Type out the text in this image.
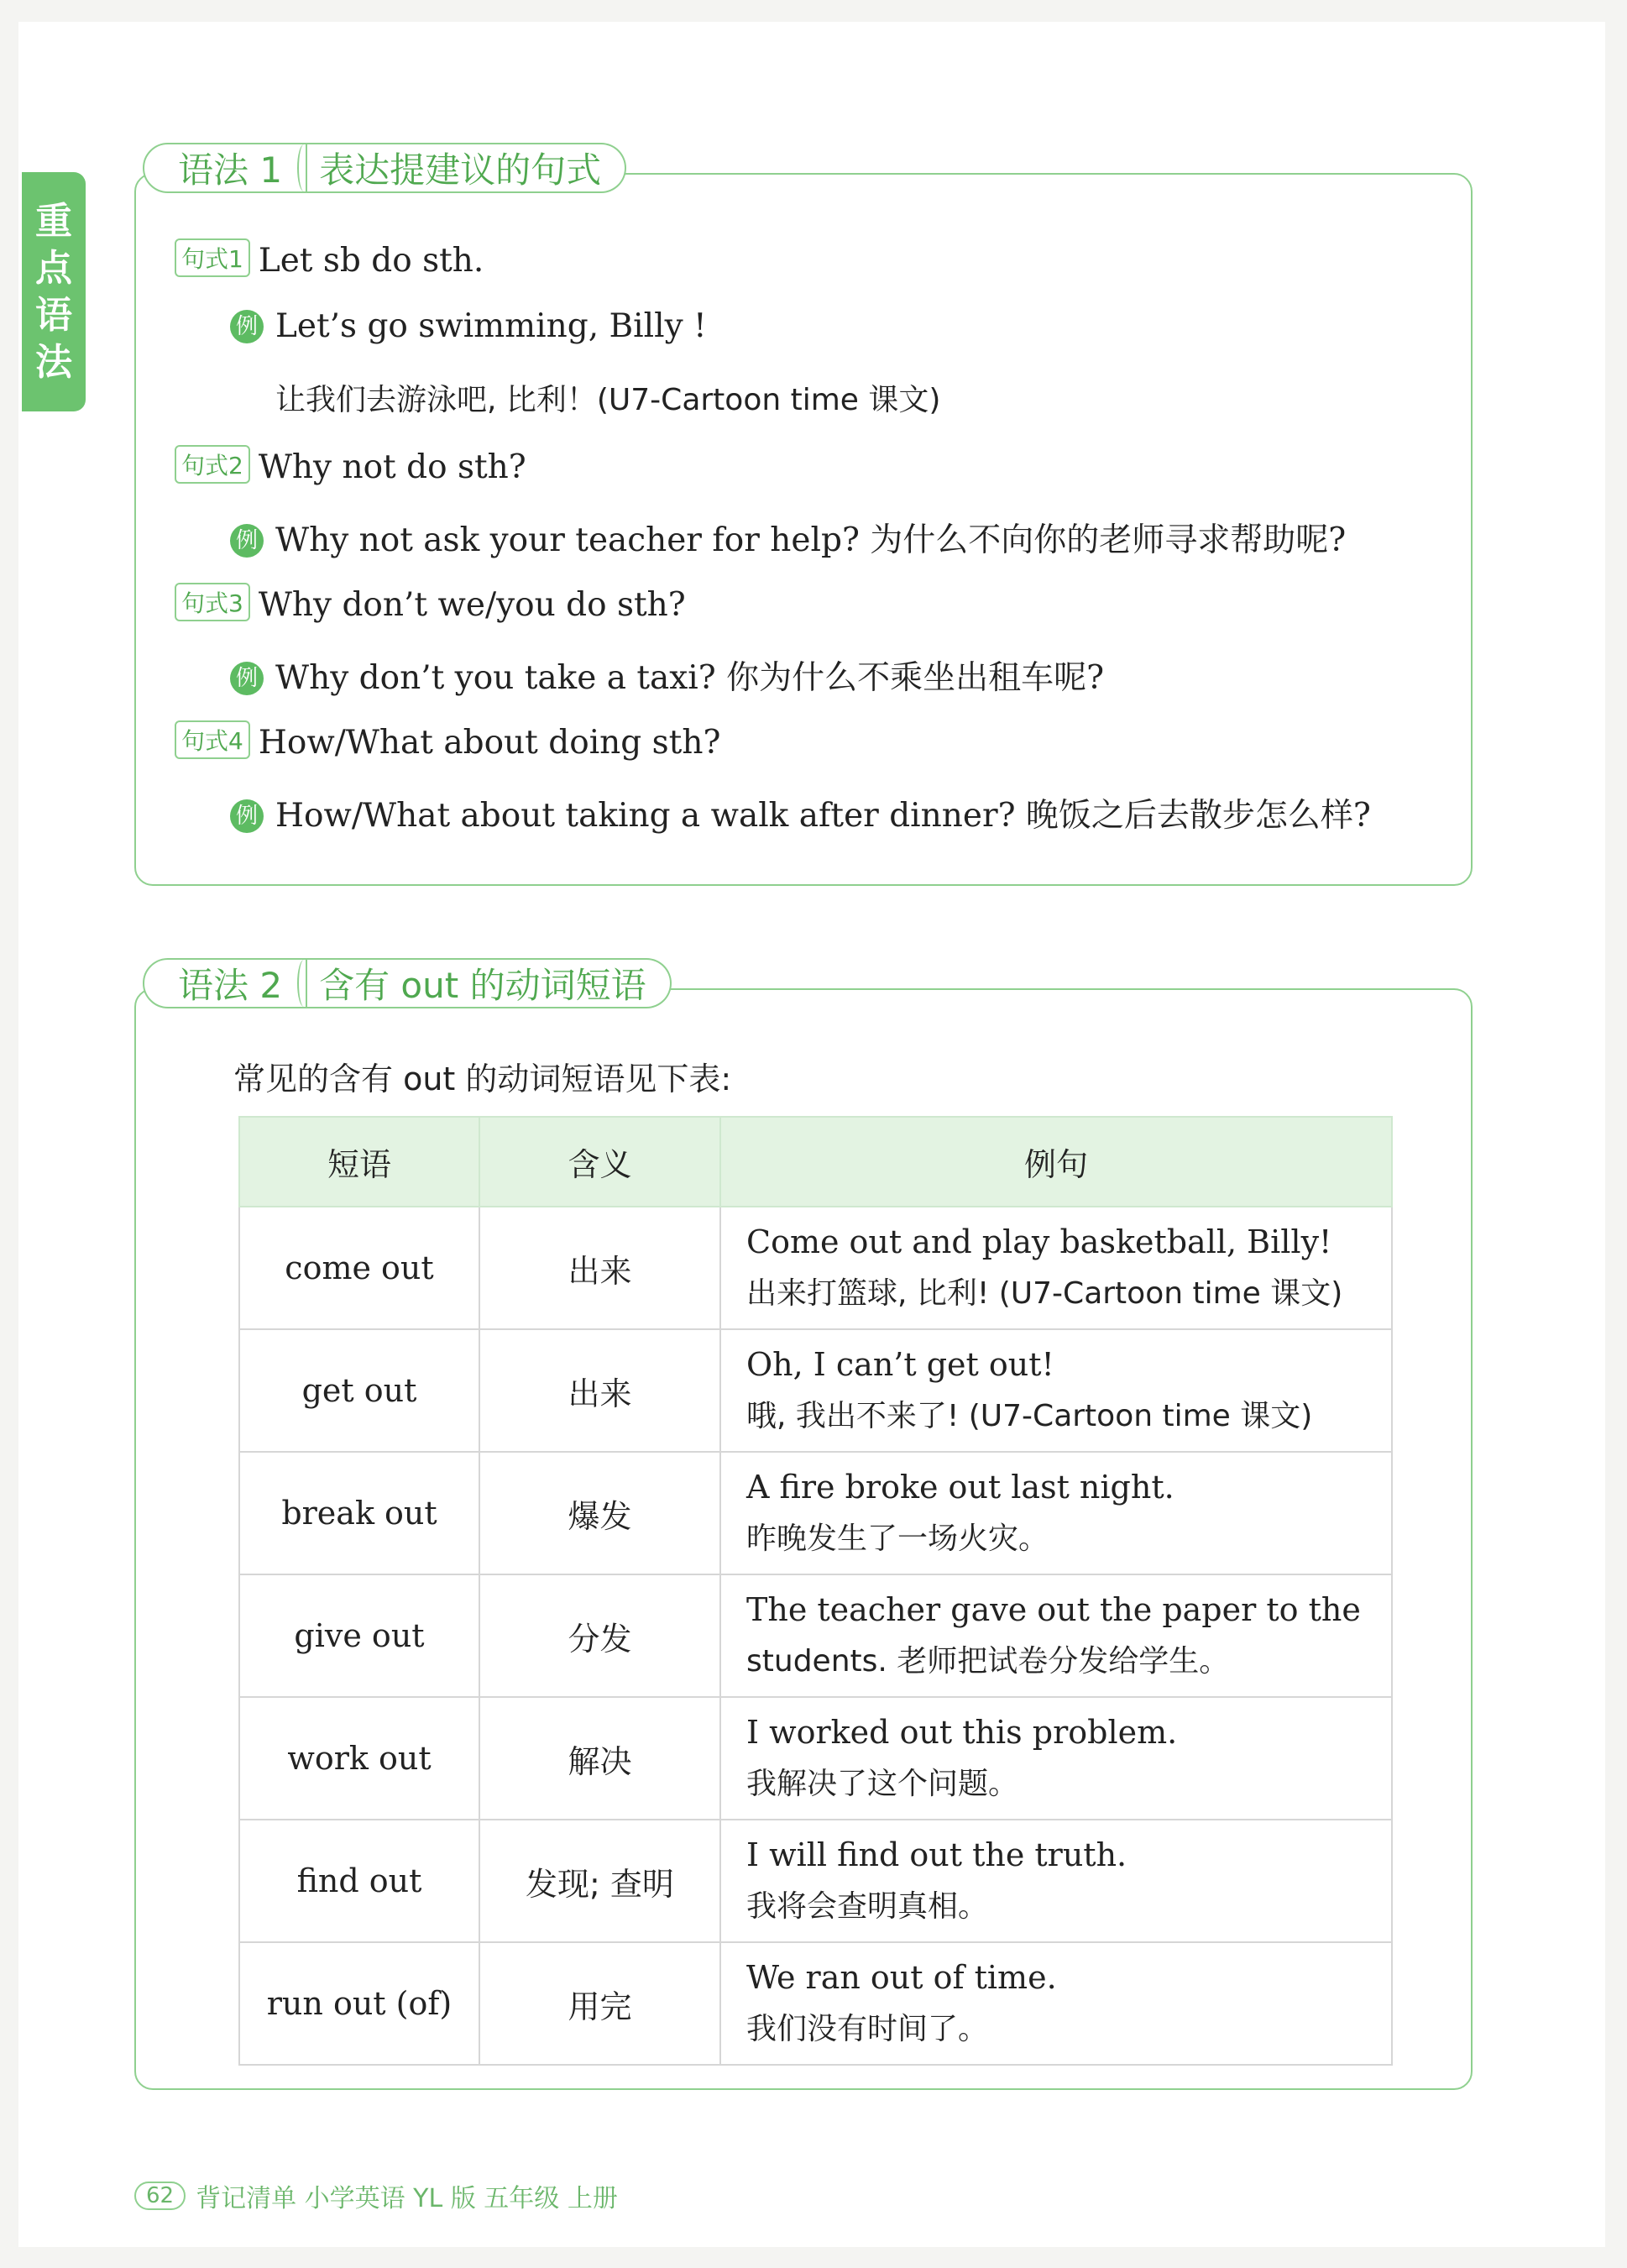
重点语法
语法 1	表达提建议的句式
句式1 Let sb do sth.
例 Let’s go swimming, Billy !
让我们去游泳吧, 比利！(U7-Cartoon time 课文)
句式2 Why not do sth?
例 Why not ask your teacher for help? 为什么不向你的老师寻求帮助呢?
句式3 Why don’t we/you do sth?
例 Why don’t you take a taxi? 你为什么不乘坐出租车呢?
句式4 How/What about doing sth?
例 How/What about taking a walk after dinner? 晚饭之后去散步怎么样?
语法 2	含有 out 的动词短语
常见的含有 out 的动词短语见下表:
短语	含义	例句
come out	出来	Come out and play basketball, Billy!
出来打篮球, 比利! (U7-Cartoon time 课文)

get out	出来	Oh, I can’t get out!
哦, 我出不来了! (U7-Cartoon time 课文)

break out	爆发	A fire broke out last night.
昨晚发生了一场火灾。

give out	分发	The teacher gave out the paper to the
students. 老师把试卷分发给学生。

work out	解决	I worked out this problem.
我解决了这个问题。

find out	发现; 查明	I will find out the truth.
我将会查明真相。

run out (of)	用完	We ran out of time.
我们没有时间了。
62 背记清单 小学英语 YL 版 五年级 上册
